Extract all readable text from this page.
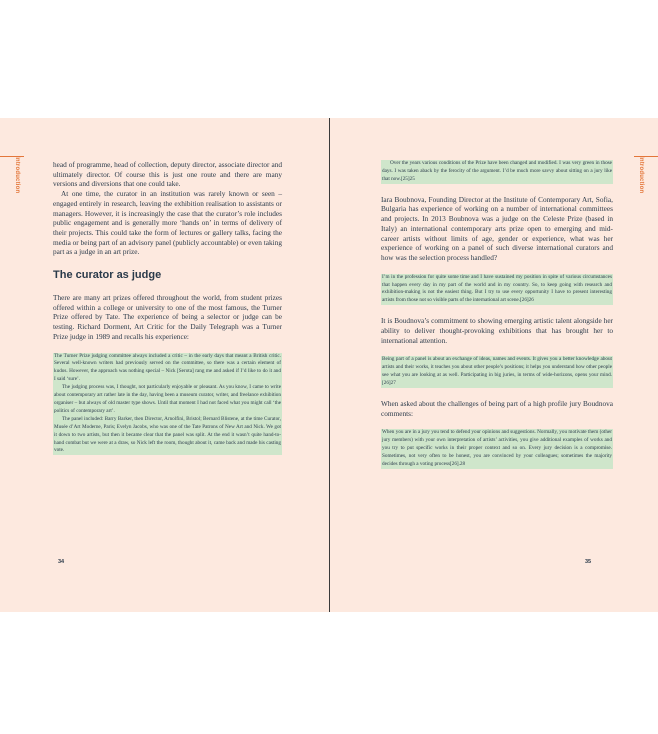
Introduction	head of programme, head of collection, deputy director, associate director and ultimately director. Of course this is just one route and there are many versions and diversions that one could take.

At one time, the curator in an institution was rarely known or seen – engaged entirely in research, leaving the exhibition realisation to assistants or managers. However, it is increasingly the case that the curator’s role includes public engagement and is generally more ‘hands on’ in terms of delivery of their projects. This could take the form of lectures or gallery talks, facing the media or being part of an advisory panel (publicly accountable) or even taking part as a judge in an art prize.

The curator as judge

There are many art prizes offered throughout the world, from student prizes offered within a college or university to one of the most famous, the Turner Prize offered by Tate. The experience of being a selector or judge can be testing. Richard Dorment, Art Critic for the Daily Telegraph was a Turner Prize judge in 1989 and recalls his experience:

The Turner Prize judging committee always included a critic – in the early days that meant a British critic. Several well-known writers had previously served on the committee, so there was a certain element of kudos. However, the approach was nothing special – Nick [Serota] rang me and asked if I’d like to do it and I said ‘sure’.

The judging process was, I thought, not particularly enjoyable or pleasant. As you know, I came to write about contemporary art rather late in the day, having been a museum curator, writer, and freelance exhibition organiser – but always of old master type shows. Until that moment I had not faced what you might call ‘the politics of contemporary art’.

The panel included: Barry Barker, then Director, Arnolfini, Bristol; Bernard Blistene, at the time Curator, Musée d’Art Moderne, Paris; Evelyn Jacobs, who was one of the Tate Patrons of New Art and Nick. We got it down to two artists, but then it became clear that the panel was split. At the end it wasn’t quite hand-to-hand combat but we were at a draw, so Nick left the room, thought about it, came back and made his casting vote.

34
Introduction

Over the years various conditions of the Prize have been changed and modified. I was very green in those days. I was taken aback by the ferocity of the argument. I’d be much more savvy about sitting on a jury like that now.[25]25

Iara Boubnova, Founding Director at the Institute of Contemporary Art, Sofia, Bulgaria has experience of working on a number of international committees and projects. In 2013 Boubnova was a judge on the Celeste Prize (based in Italy) an international contemporary arts prize open to emerging and mid-career artists without limits of age, gender or experience, what was her experience of working on a panel of such diverse international curators and how was the selection process handled?

I’m in the profession for quite some time and I have sustained my position in spite of various circumstances that happen every day in my part of the world and in my country. So, to keep going with research and exhibition-making is not the easiest thing. But I try to use every opportunity I have to present interesting artists from those not so visible parts of the international art scene.[26]26

It is Boudnova’s commitment to showing emerging artistic talent alongside her ability to deliver thought-provoking exhibitions that has brought her to international attention.

Being part of a panel is about an exchange of ideas, names and events. It gives you a better knowledge about artists and their works, it teaches you about other people’s positions; it helps you understand how other people see what you are looking at as well. Participating in big juries, in terms of wide-horizons, opens your mind.[26]27

When asked about the challenges of being part of a high profile jury Boudnova comments:

When you are in a jury you tend to defend your opinions and suggestions. Normally, you motivate them (other jury members) with your own interpretation of artists’ activities, you give additional examples of works and you try to put specific works in their proper context and so on. Every jury decision is a compromise. Sometimes, not very often to be honest, you are convinced by your colleagues; sometimes the majority decides through a voting process[26].28

35
